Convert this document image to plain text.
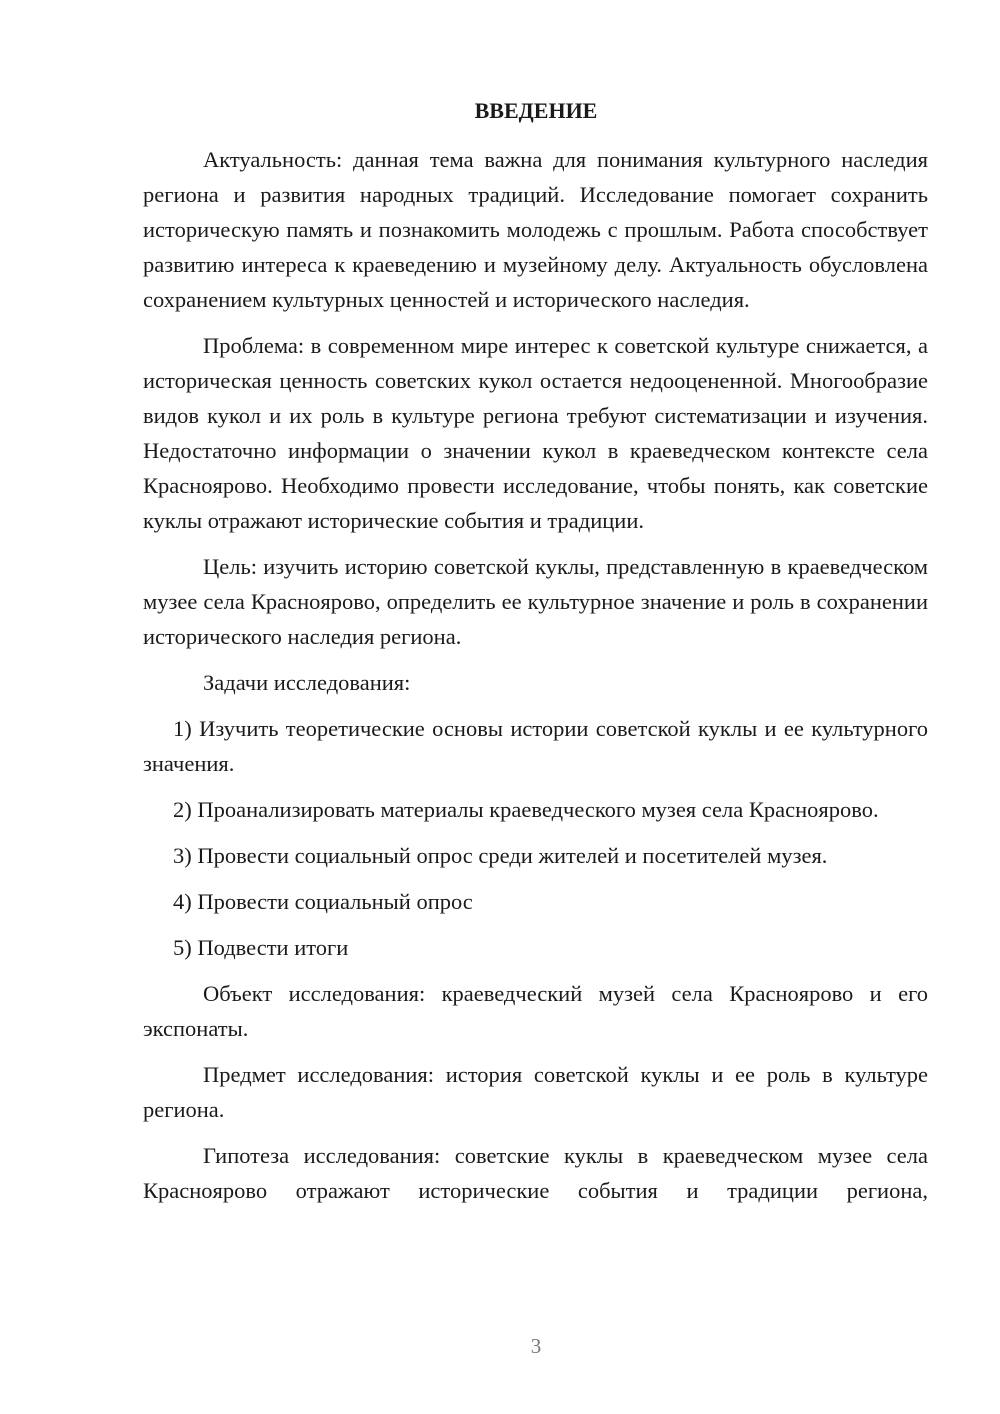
ВВЕДЕНИЕ

Актуальность: данная тема важна для понимания культурного наследия региона и развития народных традиций. Исследование помогает сохранить историческую память и познакомить молодежь с прошлым. Работа способствует развитию интереса к краеведению и музейному делу. Актуальность обусловлена сохранением культурных ценностей и исторического наследия.

Проблема: в современном мире интерес к советской культуре снижается, а историческая ценность советских кукол остается недооцененной. Многообразие видов кукол и их роль в культуре региона требуют систематизации и изучения. Недостаточно информации о значении кукол в краеведческом контексте села Краснoярово. Необходимо провести исследование, чтобы понять, как советские куклы отражают исторические события и традиции.

Цель: изучить историю советской куклы, представленную в краеведческом музее села Краснoярово, определить ее культурное значение и роль в сохранении исторического наследия региона.

Задачи исследования:

1) Изучить теоретические основы истории советской куклы и ее культурного значения.

2) Проанализировать материалы краеведческого музея села Краснoярово.

3) Провести социальный опрос среди жителей и посетителей музея.

4) Провести социальный опрос

5) Подвести итоги

Объект исследования: краеведческий музей села Краснoярово и его экспонаты.

Предмет исследования: история советской куклы и ее роль в культуре региона.

Гипотеза исследования: советские куклы в краеведческом музее села Краснoярово отражают исторические события и традиции региона,

3
